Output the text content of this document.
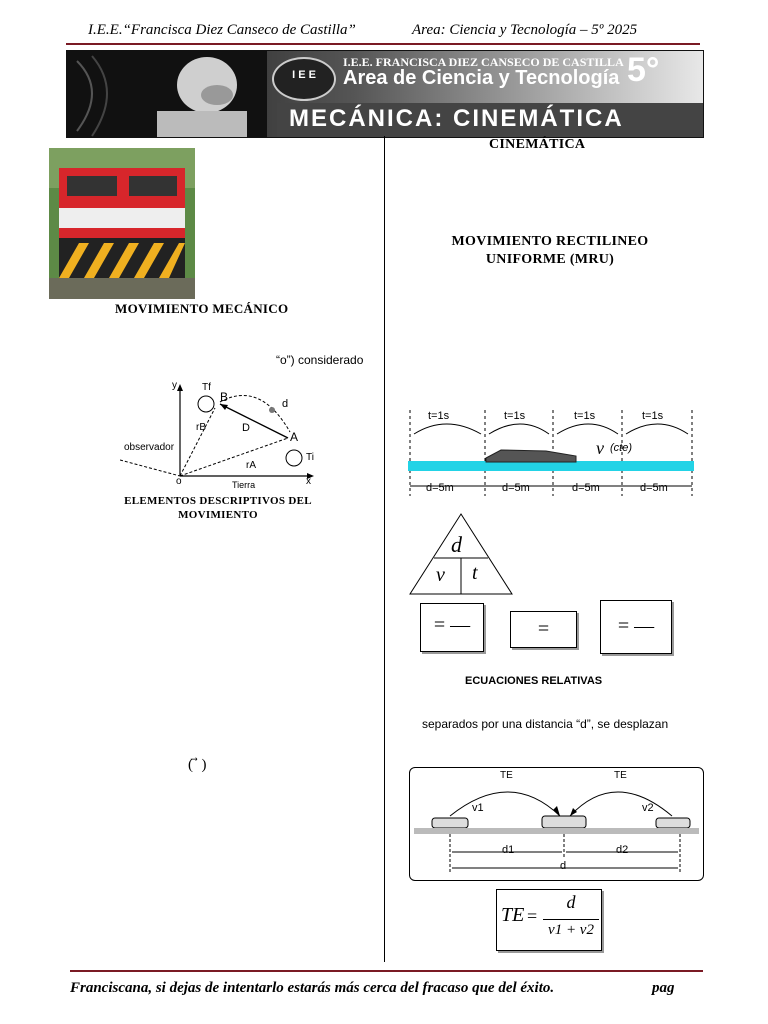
I.E.E.“Francisca Diez Canseco de Castilla”	Area: Ciencia y Tecnología – 5º 2025
I E E
I.E.E. FRANCISCA DIEZ CANSECO DE CASTILLA
Area de Ciencia y Tecnología 5°
MECÁNICA: CINEMÁTICA
MOVIMIENTO MECÁNICO
“o”) considerado
y
x
o
observador
Tierra
Tf
Ti
B
A
d
D
rB
rA
ELEMENTOS DESCRIPTIVOS DEL MOVIMIENTO
( ⃗ )
CINEMÁTICA
MOVIMIENTO RECTILINEO UNIFORME (MRU)
t=1s	t=1s	t=1s	t=1s
v (cte)
d=5m	d=5m	d=5m	d=5m
d
v t
= —	=	= —
ECUACIONES RELATIVAS
separados por una distancia “d”, se desplazan
TE	TE
v1	v2
d1	d2
d
TE =
d
v1 + v2
Franciscana, si dejas de intentarlo estarás más cerca del fracaso que del éxito.	pag
